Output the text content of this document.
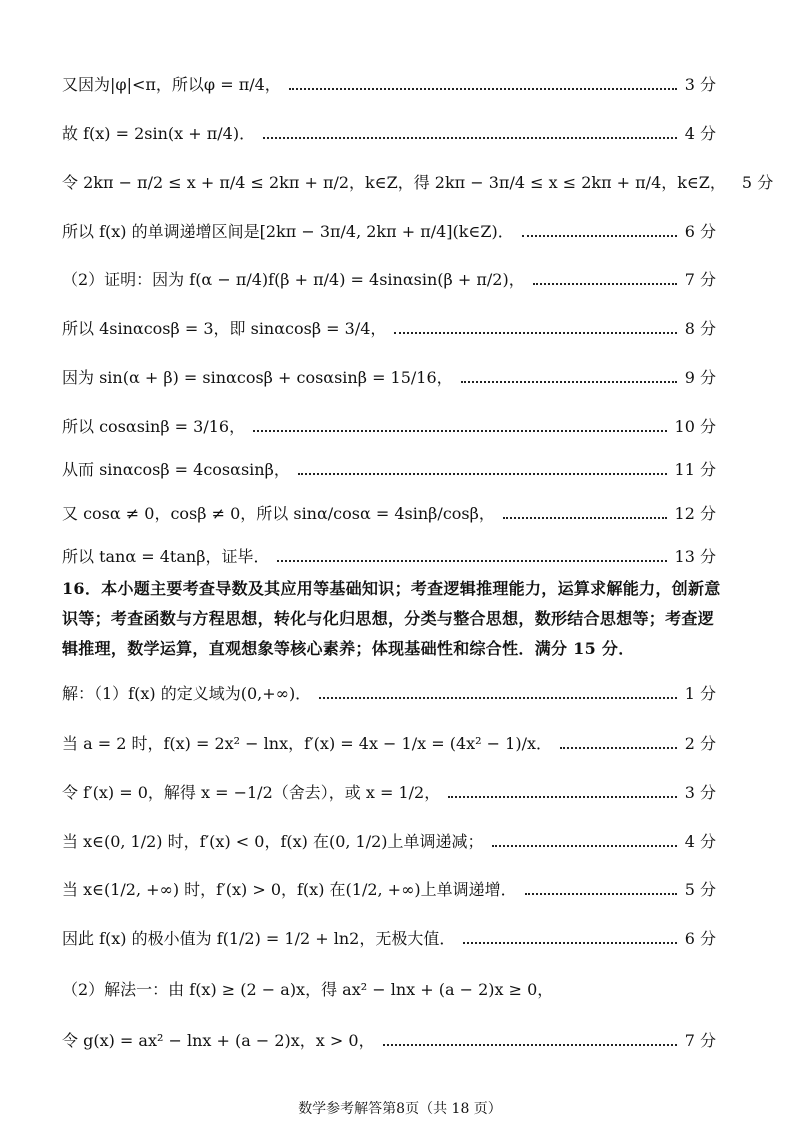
又因为|φ|<π，所以φ = π/4，	3 分
故 f(x) = 2sin(x + π/4)．	4 分
令 2kπ − π/2 ≤ x + π/4 ≤ 2kπ + π/2，k∈Z，得 2kπ − 3π/4 ≤ x ≤ 2kπ + π/4，k∈Z， 5 分
所以 f(x) 的单调递增区间是[2kπ − 3π/4, 2kπ + π/4](k∈Z)．	6 分
（2）证明：因为 f(α − π/4)f(β + π/4) = 4sinαsin(β + π/2)，	7 分
所以 4sinαcosβ = 3，即 sinαcosβ = 3/4，	8 分
因为 sin(α + β) = sinαcosβ + cosαsinβ = 15/16，	9 分
所以 cosαsinβ = 3/16，	10 分
从而 sinαcosβ = 4cosαsinβ，	11 分
又 cosα ≠ 0，cosβ ≠ 0，所以 sinα/cosα = 4sinβ/cosβ，	12 分
所以 tanα = 4tanβ，证毕．	13 分
16．本小题主要考查导数及其应用等基础知识；考查逻辑推理能力，运算求解能力，创新意识等；考查函数与方程思想，转化与化归思想，分类与整合思想，数形结合思想等；考查逻辑推理，数学运算，直观想象等核心素养；体现基础性和综合性．满分 15 分．
解：（1）f(x) 的定义域为(0,+∞)．	1 分
当 a = 2 时，f(x) = 2x² − lnx，f′(x) = 4x − 1/x = (4x² − 1)/x．	2 分
令 f′(x) = 0，解得 x = −1/2（舍去），或 x = 1/2，	3 分
当 x∈(0, 1/2) 时，f′(x) < 0，f(x) 在(0, 1/2)上单调递减；	4 分
当 x∈(1/2, +∞) 时，f′(x) > 0，f(x) 在(1/2, +∞)上单调递增．	5 分
因此 f(x) 的极小值为 f(1/2) = 1/2 + ln2，无极大值．	6 分
（2）解法一：由 f(x) ≥ (2 − a)x，得 ax² − lnx + (a − 2)x ≥ 0，
令 g(x) = ax² − lnx + (a − 2)x，x > 0，	7 分
数学参考解答第8页（共 18 页）
